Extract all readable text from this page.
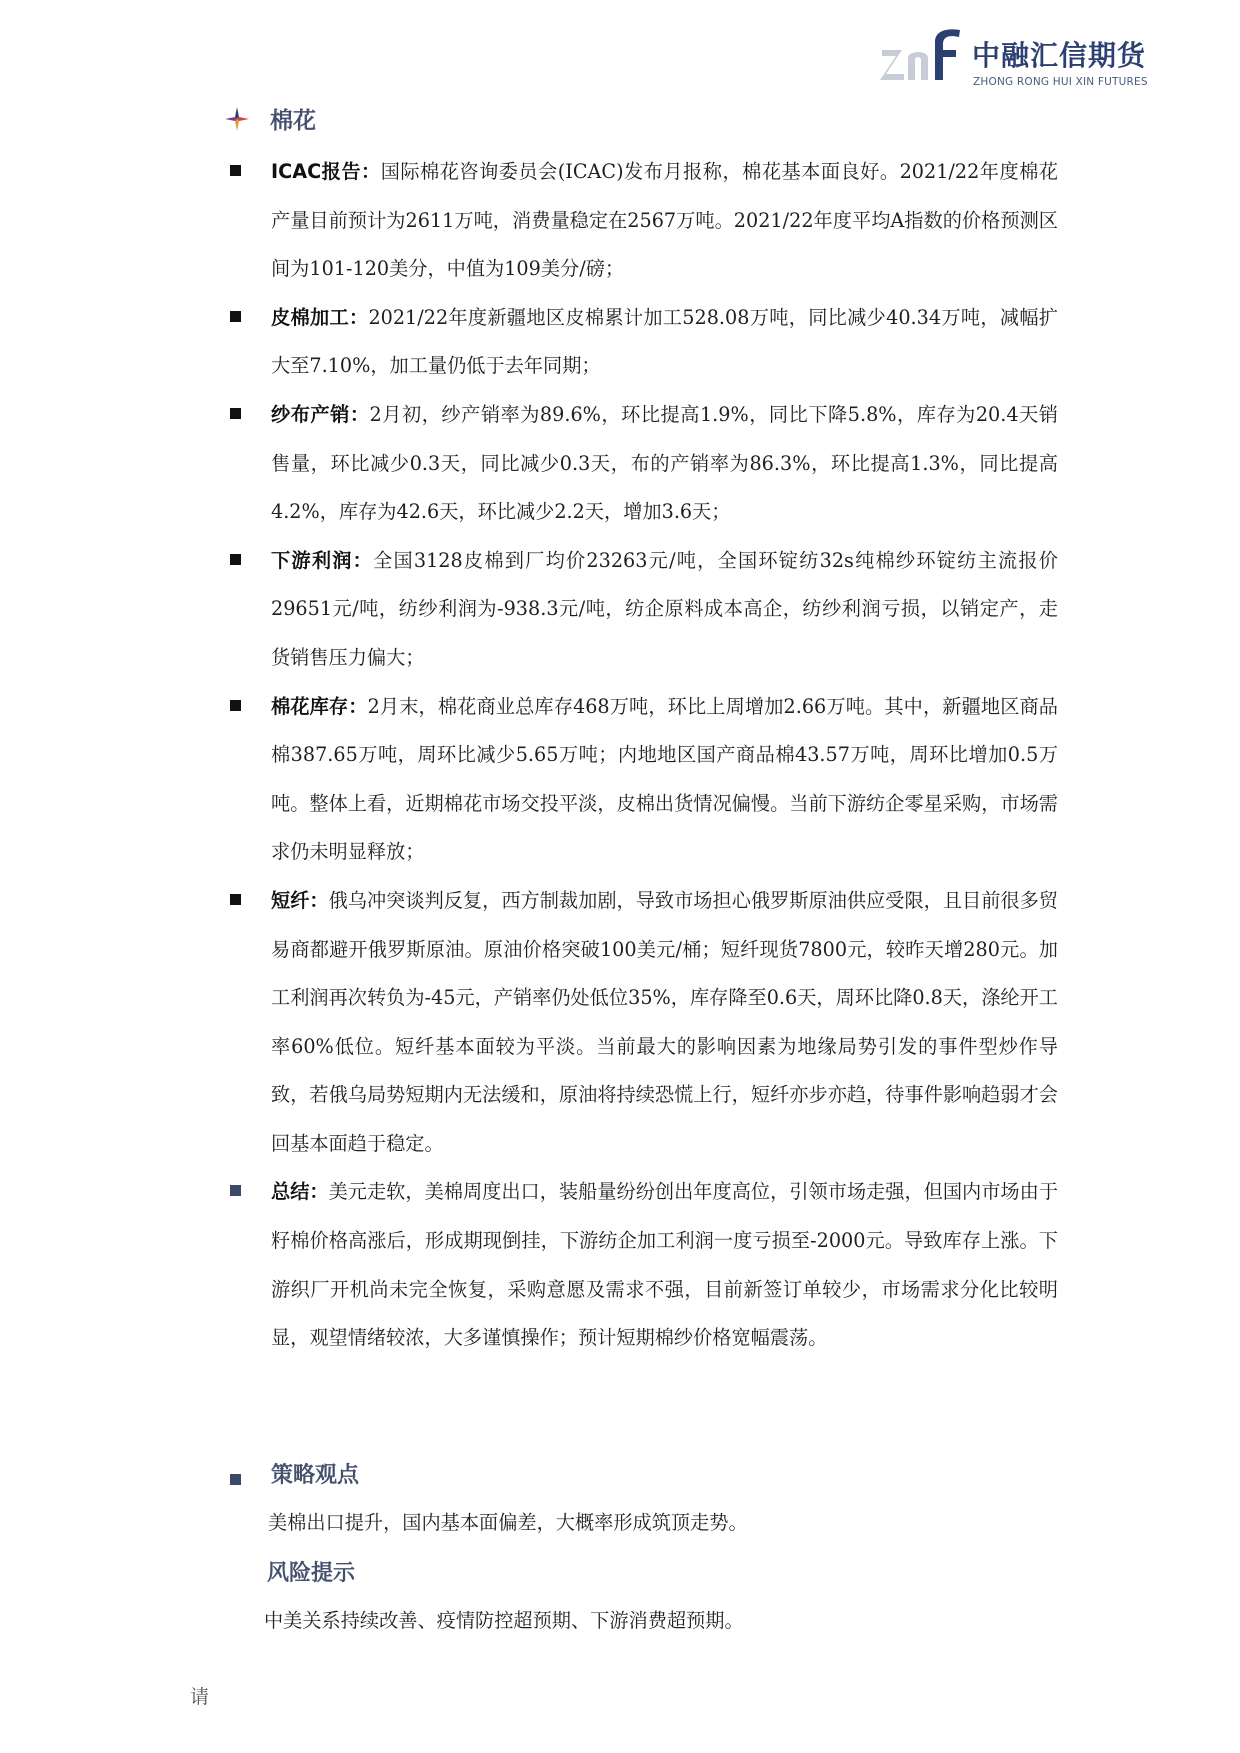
中融汇信期货
ZHONG RONG HUI XIN FUTURES
棉花

ICAC报告：国际棉花咨询委员会(ICAC)发布月报称，棉花基本面良好。2021/22年度棉花产量目前预计为2611万吨，消费量稳定在2567万吨。2021/22年度平均A指数的价格预测区间为101-120美分，中值为109美分/磅；

皮棉加工：2021/22年度新疆地区皮棉累计加工528.08万吨，同比减少40.34万吨，减幅扩大至7.10%，加工量仍低于去年同期；

纱布产销：2月初，纱产销率为89.6%，环比提高1.9%，同比下降5.8%，库存为20.4天销售量，环比减少0.3天，同比减少0.3天，布的产销率为86.3%，环比提高1.3%，同比提高4.2%，库存为42.6天，环比减少2.2天，增加3.6天；

下游利润：全国3128皮棉到厂均价23263元/吨，全国环锭纺32s纯棉纱环锭纺主流报价29651元/吨，纺纱利润为-938.3元/吨，纺企原料成本高企，纺纱利润亏损，以销定产，走货销售压力偏大；

棉花库存：2月末，棉花商业总库存468万吨，环比上周增加2.66万吨。其中，新疆地区商品棉387.65万吨，周环比减少5.65万吨；内地地区国产商品棉43.57万吨，周环比增加0.5万吨。整体上看，近期棉花市场交投平淡，皮棉出货情况偏慢。当前下游纺企零星采购，市场需求仍未明显释放；

短纤：俄乌冲突谈判反复，西方制裁加剧，导致市场担心俄罗斯原油供应受限，且目前很多贸易商都避开俄罗斯原油。原油价格突破100美元/桶；短纤现货7800元，较昨天增280元。加工利润再次转负为-45元，产销率仍处低位35%，库存降至0.6天，周环比降0.8天，涤纶开工率60%低位。短纤基本面较为平淡。当前最大的影响因素为地缘局势引发的事件型炒作导致，若俄乌局势短期内无法缓和，原油将持续恐慌上行，短纤亦步亦趋，待事件影响趋弱才会回基本面趋于稳定。

总结：美元走软，美棉周度出口，装船量纷纷创出年度高位，引领市场走强，但国内市场由于籽棉价格高涨后，形成期现倒挂，下游纺企加工利润一度亏损至-2000元。导致库存上涨。下游织厂开机尚未完全恢复，采购意愿及需求不强，目前新签订单较少，市场需求分化比较明显，观望情绪较浓，大多谨慎操作；预计短期棉纱价格宽幅震荡。

策略观点
美棉出口提升，国内基本面偏差，大概率形成筑顶走势。
风险提示
中美关系持续改善、疫情防控超预期、下游消费超预期。
请
